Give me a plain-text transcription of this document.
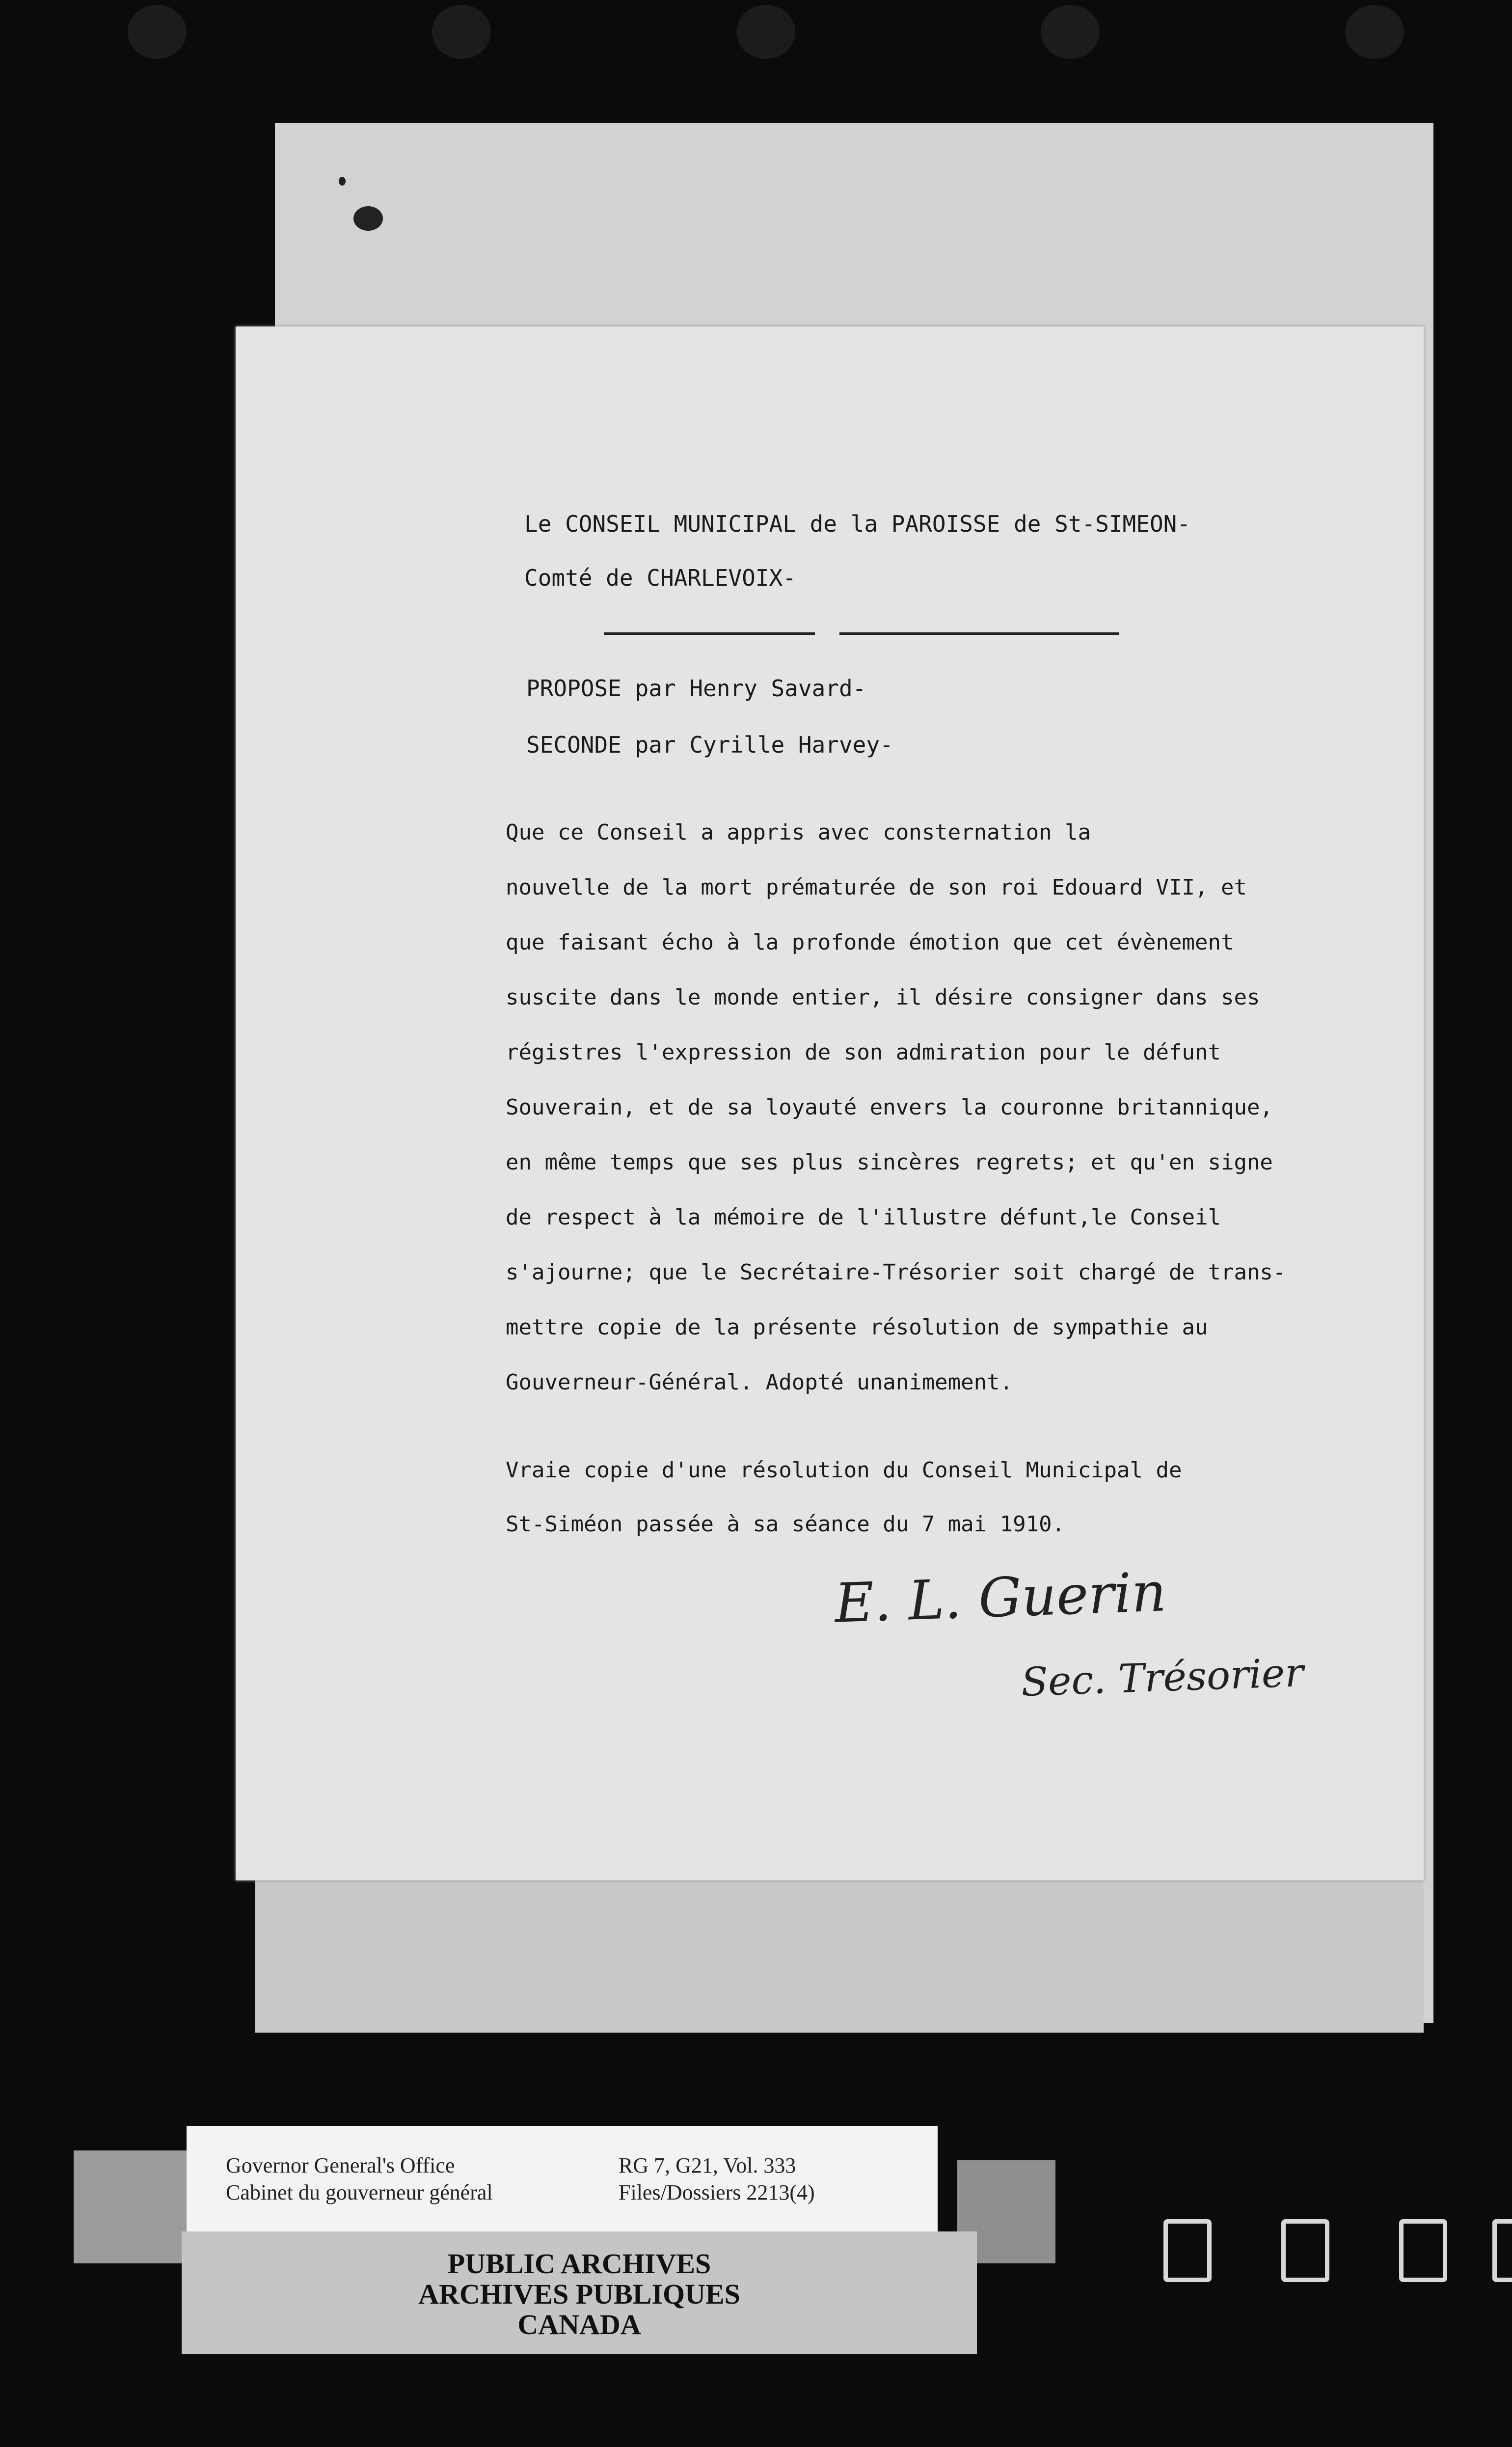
Le CONSEIL MUNICIPAL de la PAROISSE de St-SIMEON-
Comté de CHARLEVOIX-
PROPOSE par Henry Savard-
SECONDE par Cyrille Harvey-
Que ce Conseil a appris avec consternation la
nouvelle de la mort prématurée de son roi Edouard VII, et
que faisant écho à la profonde émotion que cet évènement
suscite dans le monde entier, il désire consigner dans ses
régistres l'expression de son admiration pour le défunt
Souverain, et de sa loyauté envers la couronne britannique,
en même temps que ses plus sincères regrets; et qu'en signe
de respect à la mémoire de l'illustre défunt,le Conseil
s'ajourne; que le Secrétaire-Trésorier soit chargé de trans-
mettre copie de la présente résolution de sympathie au
Gouverneur-Général. Adopté unanimement.
Vraie copie d'une résolution du Conseil Municipal de
St-Siméon passée à sa séance du 7 mai 1910.
E. L. Guerin
Sec. Trésorier
Governor General's Office
Cabinet du gouverneur général
RG 7, G21, Vol. 333
Files/Dossiers 2213(4)
PUBLIC ARCHIVES
ARCHIVES PUBLIQUES
CANADA
